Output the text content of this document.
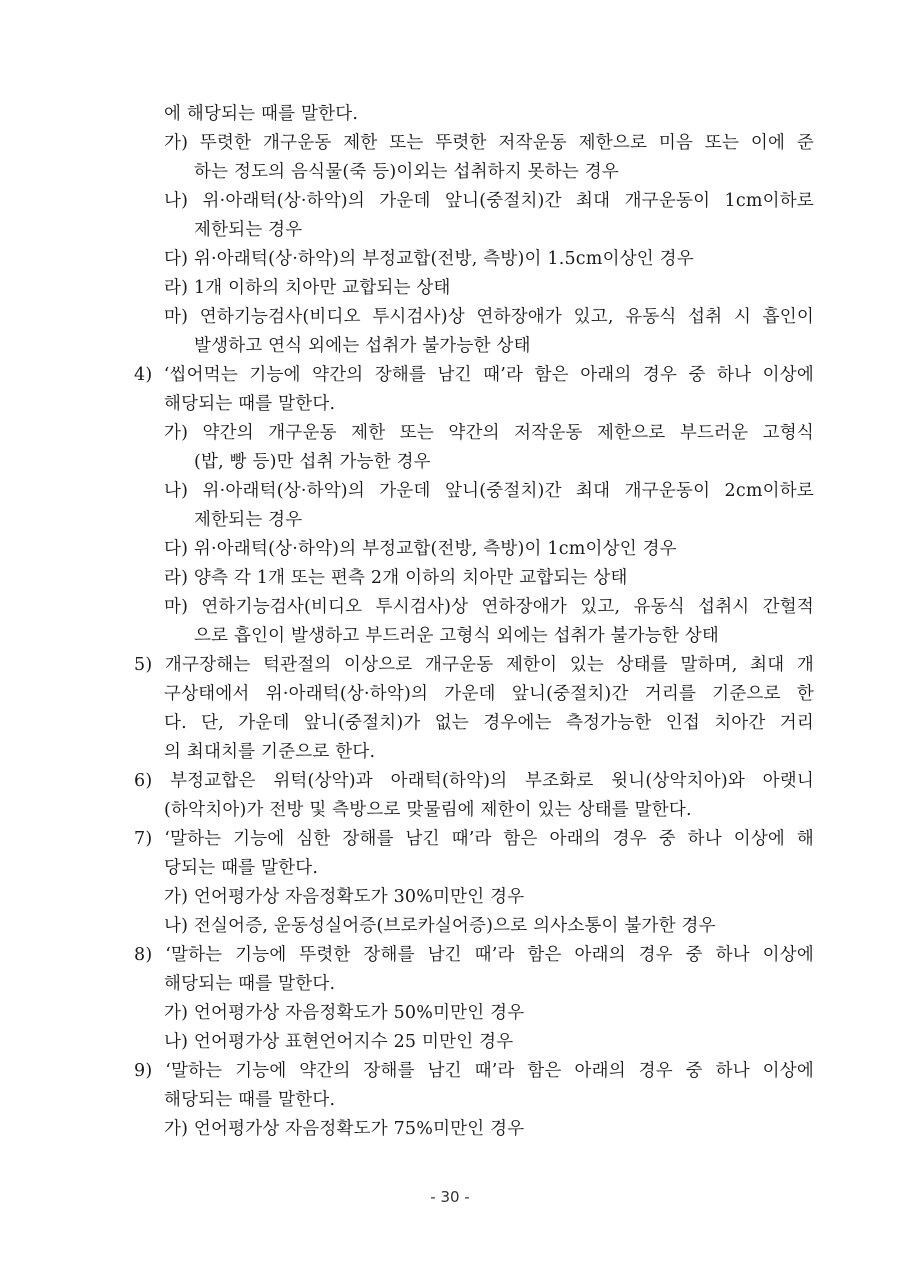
에 해당되는 때를 말한다.
가) 뚜렷한 개구운동 제한 또는 뚜렷한 저작운동 제한으로 미음 또는 이에 준
하는 정도의 음식물(죽 등)이외는 섭취하지 못하는 경우
나) 위·아래턱(상·하악)의 가운데 앞니(중절치)간 최대 개구운동이 1cm이하로
제한되는 경우
다) 위·아래턱(상·하악)의 부정교합(전방, 측방)이 1.5cm이상인 경우
라) 1개 이하의 치아만 교합되는 상태
마) 연하기능검사(비디오 투시검사)상 연하장애가 있고, 유동식 섭취 시 흡인이
발생하고 연식 외에는 섭취가 불가능한 상태
4) ‘씹어먹는 기능에 약간의 장해를 남긴 때’라 함은 아래의 경우 중 하나 이상에
해당되는 때를 말한다.
가) 약간의 개구운동 제한 또는 약간의 저작운동 제한으로 부드러운 고형식
(밥, 빵 등)만 섭취 가능한 경우
나) 위·아래턱(상·하악)의 가운데 앞니(중절치)간 최대 개구운동이 2cm이하로
제한되는 경우
다) 위·아래턱(상·하악)의 부정교합(전방, 측방)이 1cm이상인 경우
라) 양측 각 1개 또는 편측 2개 이하의 치아만 교합되는 상태
마) 연하기능검사(비디오 투시검사)상 연하장애가 있고, 유동식 섭취시 간헐적
으로 흡인이 발생하고 부드러운 고형식 외에는 섭취가 불가능한 상태
5) 개구장해는 턱관절의 이상으로 개구운동 제한이 있는 상태를 말하며, 최대 개
구상태에서 위·아래턱(상·하악)의 가운데 앞니(중절치)간 거리를 기준으로 한
다. 단, 가운데 앞니(중절치)가 없는 경우에는 측정가능한 인접 치아간 거리
의 최대치를 기준으로 한다.
6) 부정교합은 위턱(상악)과 아래턱(하악)의 부조화로 윗니(상악치아)와 아랫니
(하악치아)가 전방 및 측방으로 맞물림에 제한이 있는 상태를 말한다.
7) ‘말하는 기능에 심한 장해를 남긴 때’라 함은 아래의 경우 중 하나 이상에 해
당되는 때를 말한다.
가) 언어평가상 자음정확도가 30%미만인 경우
나) 전실어증, 운동성실어증(브로카실어증)으로 의사소통이 불가한 경우
8) ‘말하는 기능에 뚜렷한 장해를 남긴 때’라 함은 아래의 경우 중 하나 이상에
해당되는 때를 말한다.
가) 언어평가상 자음정확도가 50%미만인 경우
나) 언어평가상 표현언어지수 25 미만인 경우
9) ‘말하는 기능에 약간의 장해를 남긴 때’라 함은 아래의 경우 중 하나 이상에
해당되는 때를 말한다.
가) 언어평가상 자음정확도가 75%미만인 경우
- 30 -
